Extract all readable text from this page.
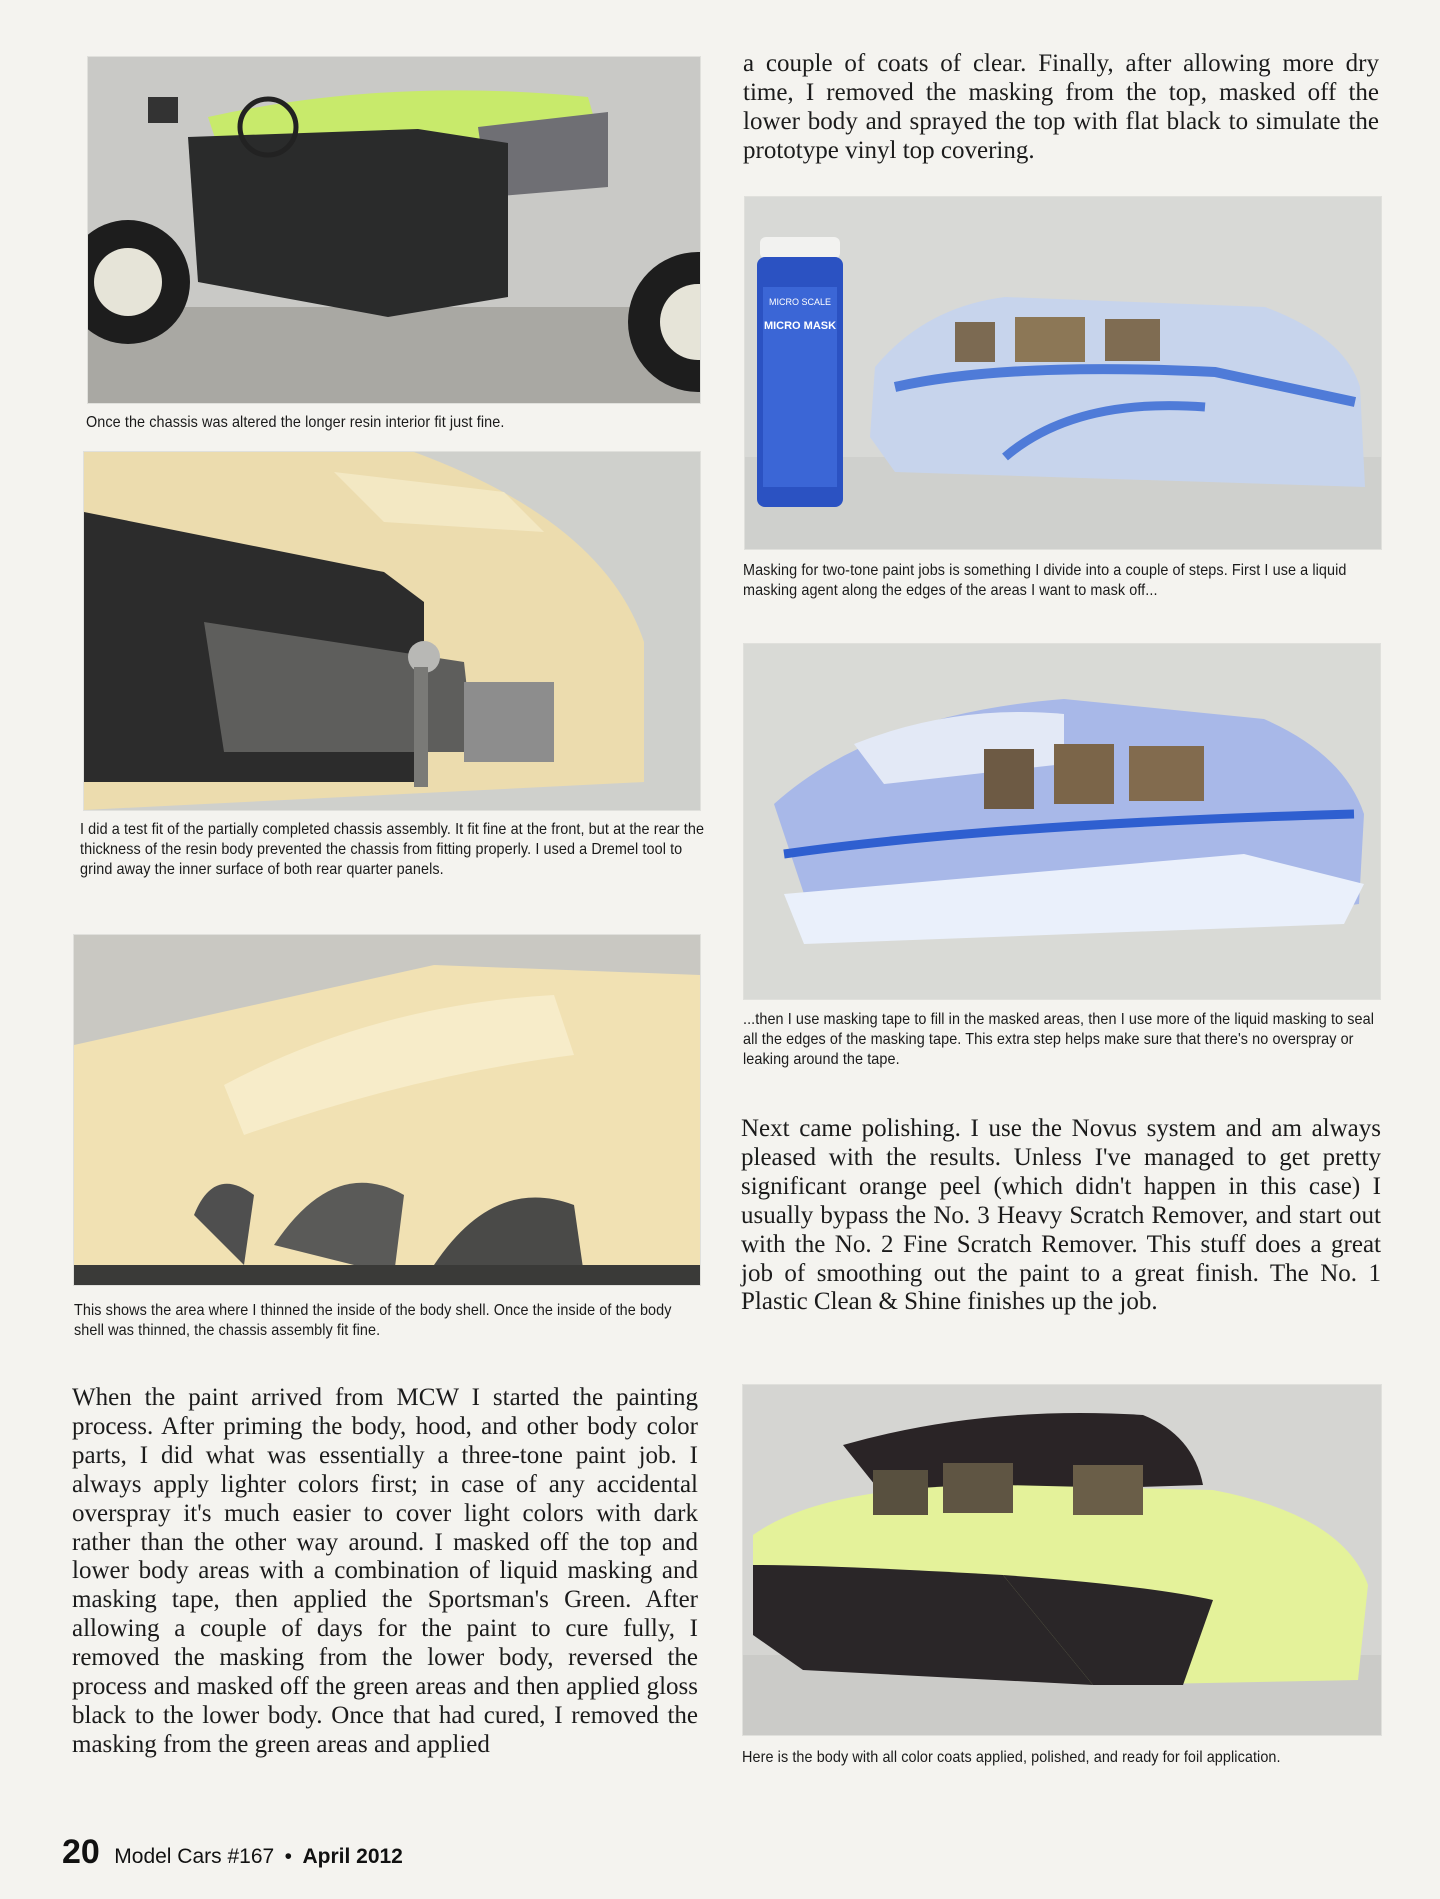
Once the chassis was altered the longer resin interior fit just fine.
I did a test fit of the partially completed chassis assembly. It fit fine at the front, but at the rear the thickness of the resin body prevented the chassis from fitting properly. I used a Dremel tool to grind away the inner surface of both rear quarter panels.
This shows the area where I thinned the inside of the body shell. Once the inside of the body shell was thinned, the chassis assembly fit fine.

When the paint arrived from MCW I started the painting process. After priming the body, hood, and other body color parts, I did what was essentially a three-tone paint job. I always apply lighter colors first; in case of any accidental overspray it's much easier to cover light colors with dark rather than the other way around. I masked off the top and lower body areas with a combination of liquid masking and masking tape, then applied the Sportsman's Green. After allowing a couple of days for the paint to cure fully, I removed the masking from the lower body, reversed the process and masked off the green areas and then applied gloss black to the lower body. Once that had cured, I removed the masking from the green areas and applied

a couple of coats of clear. Finally, after allowing more dry time, I removed the masking from the top, masked off the lower body and sprayed the top with flat black to simulate the prototype vinyl top covering.

MICRO SCALE
MICRO MASK
Masking for two-tone paint jobs is something I divide into a couple of steps. First I use a liquid masking agent along the edges of the areas I want to mask off...
...then I use masking tape to fill in the masked areas, then I use more of the liquid masking to seal all the edges of the masking tape. This extra step helps make sure that there's no overspray or leaking around the tape.

Next came polishing. I use the Novus system and am always pleased with the results. Unless I've managed to get pretty significant orange peel (which didn't happen in this case) I usually bypass the No. 3 Heavy Scratch Remover, and start out with the No. 2 Fine Scratch Remover. This stuff does a great job of smoothing out the paint to a great finish. The No. 1 Plastic Clean & Shine finishes up the job.

Here is the body with all color coats applied, polished, and ready for foil application.
20 Model Cars #167 • April 2012
